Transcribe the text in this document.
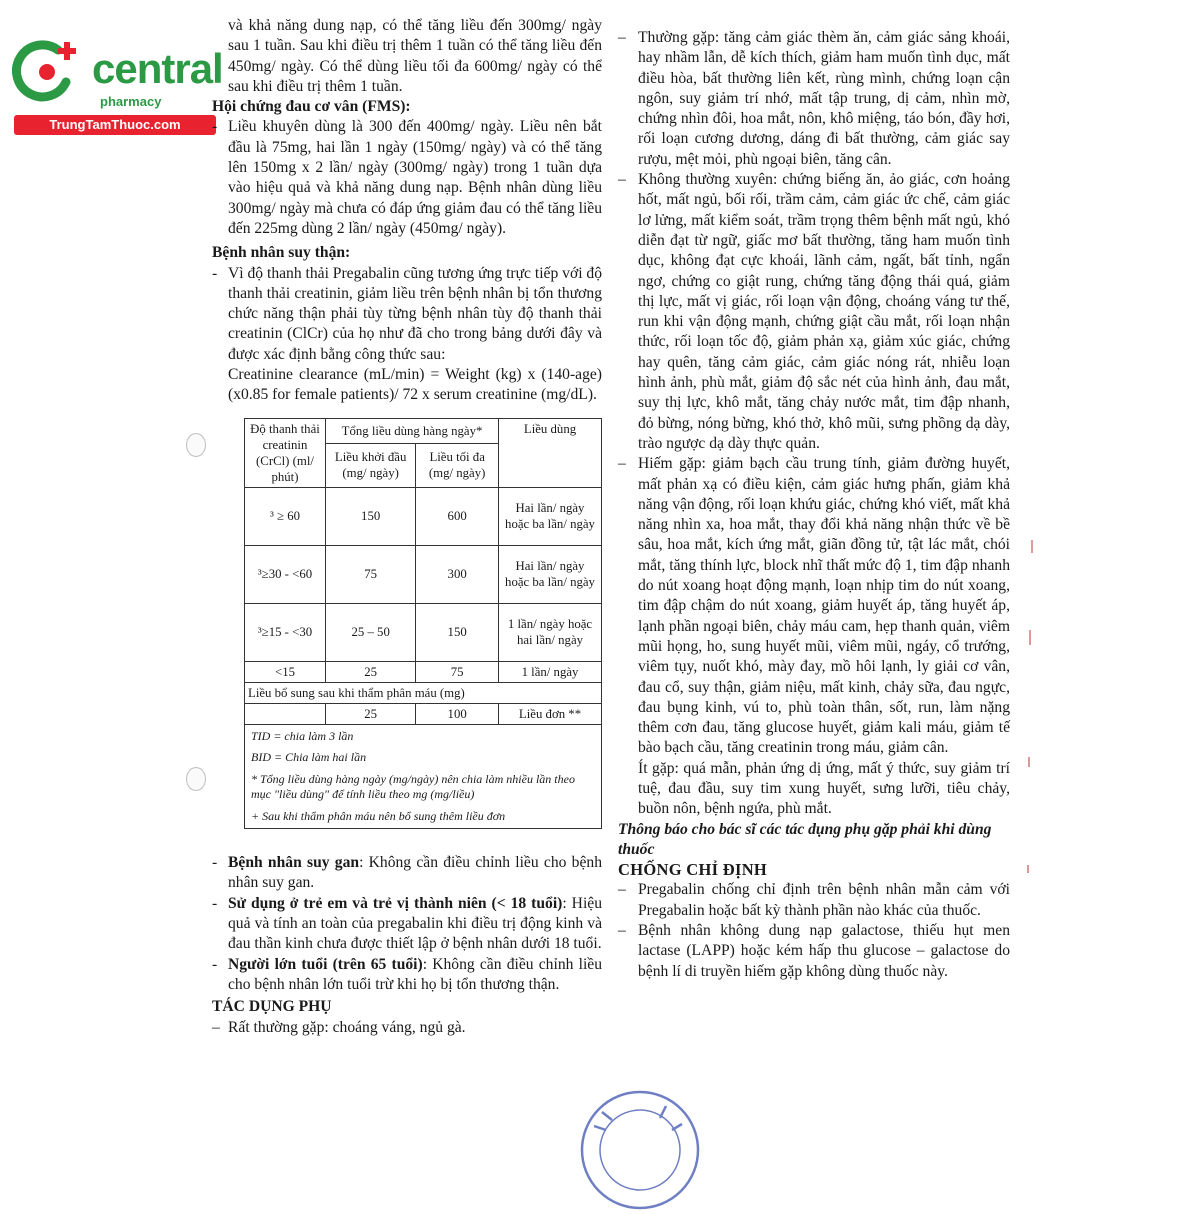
central
pharmacy
TrungTamThuoc.com
và khả năng dung nạp, có thể tăng liều đến 300mg/ ngày sau 1 tuần. Sau khi điều trị thêm 1 tuần có thể tăng liều đến 450mg/ ngày. Có thể dùng liều tối đa 600mg/ ngày có thể sau khi điều trị thêm 1 tuần.
Hội chứng đau cơ vân (FMS):
- Liều khuyên dùng là 300 đến 400mg/ ngày. Liều nên bắt đầu là 75mg, hai lần 1 ngày (150mg/ ngày) và có thể tăng lên 150mg x 2 lần/ ngày (300mg/ ngày) trong 1 tuần dựa vào hiệu quả và khả năng dung nạp. Bệnh nhân dùng liều 300mg/ ngày mà chưa có đáp ứng giảm đau có thể tăng liều đến 225mg dùng 2 lần/ ngày (450mg/ ngày).
Bệnh nhân suy thận:
- Vì độ thanh thải Pregabalin cũng tương ứng trực tiếp với độ thanh thải creatinin, giảm liều trên bệnh nhân bị tổn thương chức năng thận phải tùy từng bệnh nhân tùy độ thanh thải creatinin (ClCr) của họ như đã cho trong bảng dưới đây và được xác định bằng công thức sau:
Creatinine clearance (mL/min) = Weight (kg) x (140-age) (x0.85 for female patients)/ 72 x serum creatinine (mg/dL).
Độ thanh thải creatinin (CrCl) (ml/ phút)	Tổng liều dùng hàng ngày*		Liều dùng
	Liều khởi đầu (mg/ ngày)	Liều tối đa (mg/ ngày)	
³ ≥ 60	150	600	Hai lần/ ngày hoặc ba lần/ ngày
³≥30 - <60	75	300	Hai lần/ ngày hoặc ba lần/ ngày
³≥15 - <30	25 – 50	150	1 lần/ ngày hoặc hai lần/ ngày
<15	25	75	1 lần/ ngày
Liều bổ sung sau khi thẩm phân máu (mg)			
	25	100	Liều đơn **

TID = chia làm 3 lần
BID = Chia làm hai lần
* Tổng liều dùng hàng ngày (mg/ngày) nên chia làm nhiều lần theo mục "liều dùng" để tính liều theo mg (mg/liều)
+ Sau khi thẩm phân máu nên bổ sung thêm liều đơn			
- Bệnh nhân suy gan: Không cần điều chỉnh liều cho bệnh nhân suy gan.
- Sử dụng ở trẻ em và trẻ vị thành niên (< 18 tuổi): Hiệu quả và tính an toàn của pregabalin khi điều trị động kinh và đau thần kinh chưa được thiết lập ở bệnh nhân dưới 18 tuổi.
- Người lớn tuổi (trên 65 tuổi): Không cần điều chỉnh liều cho bệnh nhân lớn tuổi trừ khi họ bị tổn thương thận.
TÁC DỤNG PHỤ
– Rất thường gặp: choáng váng, ngủ gà.
– Thường gặp: tăng cảm giác thèm ăn, cảm giác sảng khoái, hay nhầm lẫn, dễ kích thích, giảm ham muốn tình dục, mất điều hòa, bất thường liên kết, rùng mình, chứng loạn cận ngôn, suy giảm trí nhớ, mất tập trung, dị cảm, nhìn mờ, chứng nhìn đôi, hoa mắt, nôn, khô miệng, táo bón, đầy hơi, rối loạn cương dương, dáng đi bất thường, cảm giác say rượu, mệt mỏi, phù ngoại biên, tăng cân.
– Không thường xuyên: chứng biếng ăn, ảo giác, cơn hoảng hốt, mất ngủ, bối rối, trầm cảm, cảm giác ức chế, cảm giác lơ lửng, mất kiểm soát, trầm trọng thêm bệnh mất ngủ, khó diễn đạt từ ngữ, giấc mơ bất thường, tăng ham muốn tình dục, không đạt cực khoái, lãnh cảm, ngất, bất tỉnh, ngẩn ngơ, chứng co giật rung, chứng tăng động thái quá, giảm thị lực, mất vị giác, rối loạn vận động, choáng váng tư thế, run khi vận động mạnh, chứng giật cầu mắt, rối loạn nhận thức, rối loạn tốc độ, giảm phản xạ, giảm xúc giác, chứng hay quên, tăng cảm giác, cảm giác nóng rát, nhiễu loạn hình ảnh, phù mắt, giảm độ sắc nét của hình ảnh, đau mắt, suy thị lực, khô mắt, tăng chảy nước mắt, tim đập nhanh, đỏ bừng, nóng bừng, khó thở, khô mũi, sưng phồng dạ dày, trào ngược dạ dày thực quản.
– Hiếm gặp: giảm bạch cầu trung tính, giảm đường huyết, mất phản xạ có điều kiện, cảm giác hưng phấn, giảm khả năng vận động, rối loạn khứu giác, chứng khó viết, mất khả năng nhìn xa, hoa mắt, thay đổi khả năng nhận thức về bề sâu, hoa mắt, kích ứng mắt, giãn đồng tử, tật lác mắt, chói mắt, tăng thính lực, block nhĩ thất mức độ 1, tim đập nhanh do nút xoang hoạt động mạnh, loạn nhịp tim do nút xoang, tim đập chậm do nút xoang, giảm huyết áp, tăng huyết áp, lạnh phần ngoại biên, chảy máu cam, hẹp thanh quản, viêm mũi họng, ho, sung huyết mũi, viêm mũi, ngáy, cổ trướng, viêm tụy, nuốt khó, mày đay, mồ hôi lạnh, ly giải cơ vân, đau cổ, suy thận, giảm niệu, mất kinh, chảy sữa, đau ngực, đau bụng kinh, vú to, phù toàn thân, sốt, run, làm nặng thêm cơn đau, tăng glucose huyết, giảm kali máu, giảm tế bào bạch cầu, tăng creatinin trong máu, giảm cân.
Ít gặp: quá mẫn, phản ứng dị ứng, mất ý thức, suy giảm trí tuệ, đau đầu, suy tim xung huyết, sưng lưỡi, tiêu chảy, buồn nôn, bệnh ngứa, phù mắt.
Thông báo cho bác sĩ các tác dụng phụ gặp phải khi dùng thuốc
CHỐNG CHỈ ĐỊNH
– Pregabalin chống chỉ định trên bệnh nhân mẫn cảm với Pregabalin hoặc bất kỳ thành phần nào khác của thuốc.
– Bệnh nhân không dung nạp galactose, thiếu hụt men lactase (LAPP) hoặc kém hấp thu glucose – galactose do bệnh lí di truyền hiếm gặp không dùng thuốc này.
